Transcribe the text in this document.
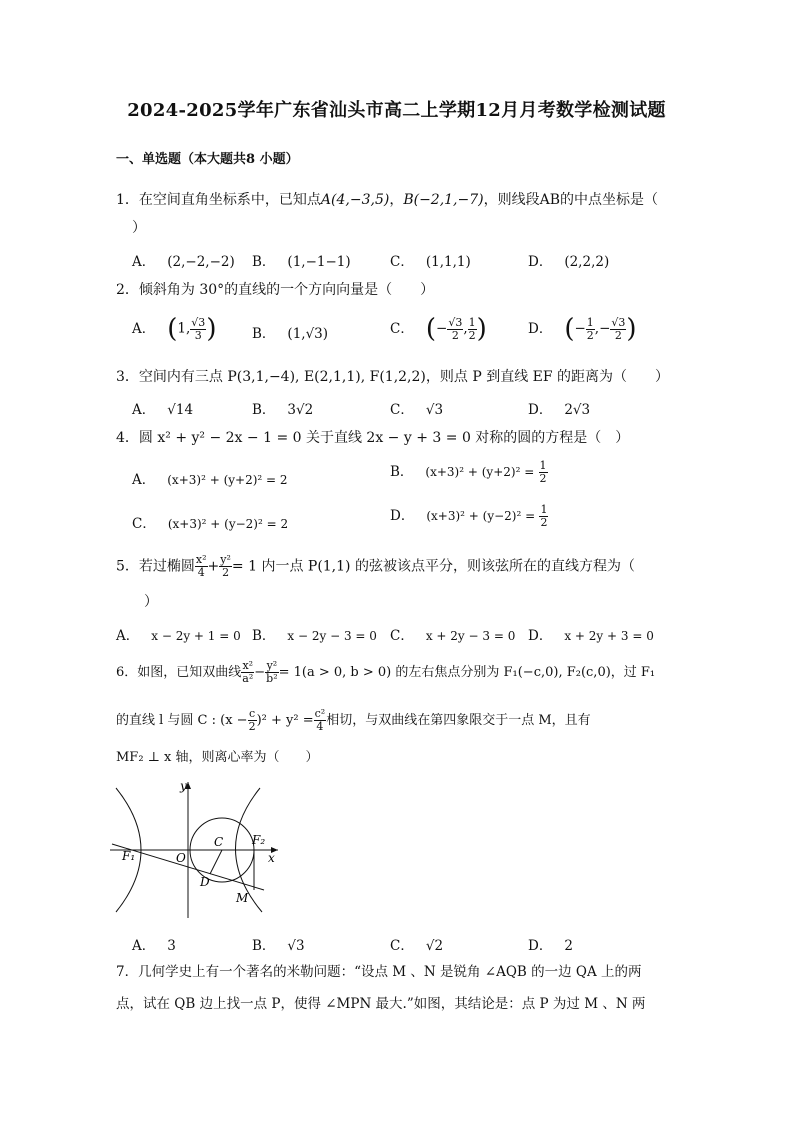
2024-2025学年广东省汕头市高二上学期12月月考数学检测试题
一、单选题（本大题共8 小题）
1．在空间直角坐标系中，已知点A(4,−3,5)，B(−2,1,−7)，则线段AB的中点坐标是（
）
A． (2,−2,−2) B． (1,−1−1)	C． (1,1,1)	D． (2,2,2)
2．倾斜角为 30°的直线的一个方向向量是（　　）
A． (1, $\frac{√3}{3}$ )	B． (1,√3)	C． (− $\frac{√3}{2}$ , $\frac{1}{2}$ )	D． (− $\frac{1}{2}$ ,− $\frac{√3}{2}$ )
3．空间内有三点 P(3,1,−4), E(2,1,1), F(1,2,2)，则点 P 到直线 EF 的距离为（　　）
A． √14	B． 3√2	C． √3	D． 2√3
4．圆 x² + y² − 2x − 1 = 0 关于直线 2x − y + 3 = 0 对称的圆的方程是（　）
A． (x+3)² + (y+2)² = 2	B． $(x+3)^2 + (y+2)^2 = \frac{1}{2}$
C． (x+3)² + (y−2)² = 2	D． $(x+3)^2 + (y-2)^2 = \frac{1}{2}$
5．若过椭圆 $\frac{\text{x²}}{4} + \frac{\text{y²}}{2} = 1$ 内一点 P(1,1) 的弦被该点平分，则该弦所在的直线方程为（
）
A． x − 2y + 1 = 0 B． x − 2y − 3 = 0 C． x + 2y − 3 = 0 D． x + 2y + 3 = 0
6．如图，已知双曲线 $\frac{\text{x²}}{\text{a²}} - \frac{\text{y²}}{\text{b²}} = 1(a > 0$, b > 0) 的左右焦点分别为 F₁(−c,0), F₂(c,0)，过 F₁
的直线 l 与圆 C : $(x - \frac{c}{2} )^2 + y^2 = \frac{\text{c²}}{4}$ 相切，与双曲线在第四象限交于一点 M，且有
MF₂ ⊥ x 轴，则离心率为（　　）
y
x
O
C F₂
F₁
D
M
A． 3	B． √3	C． √2	D． 2
7．几何学史上有一个著名的米勒问题：“设点 M 、N 是锐角 ∠AQB 的一边 QA 上的两
点，试在 QB 边上找一点 P，使得 ∠MPN 最大.”如图，其结论是：点 P 为过 M 、N 两
